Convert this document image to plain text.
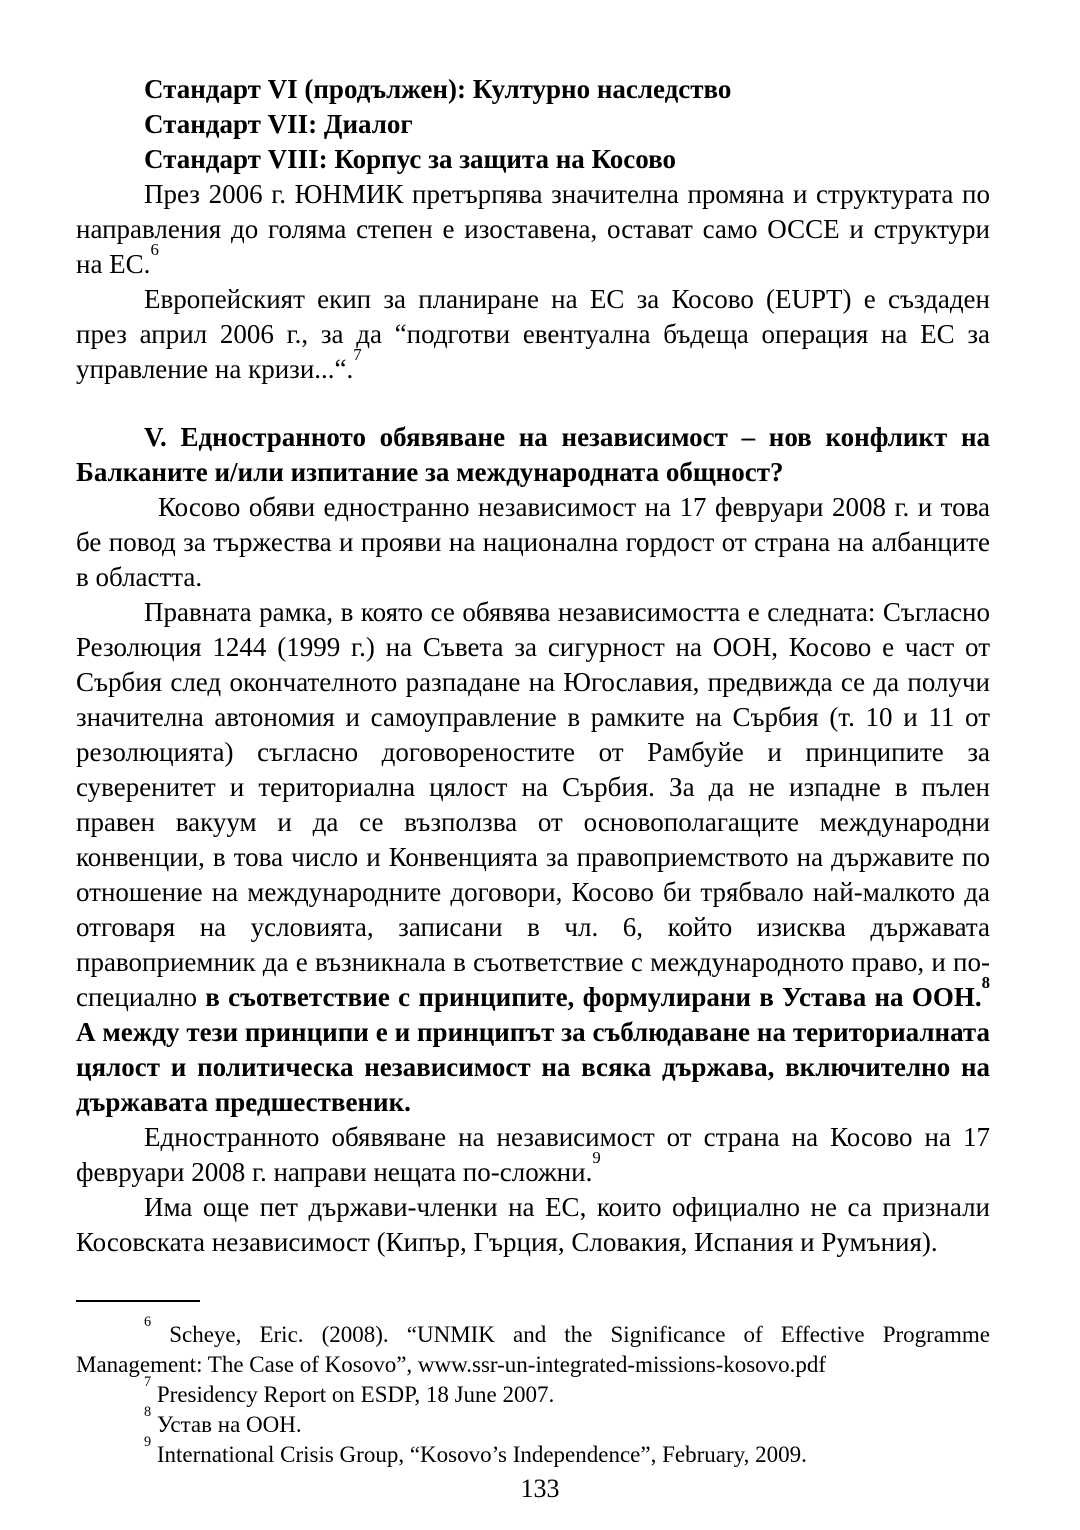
Стандарт VI (продължен): Културно наследство

Стандарт VII: Диалог

Стандарт VIII: Корпус за защита на Косово

През 2006 г. ЮНМИК претърпява значителна промяна и структурата по направления до голяма степен е изоставена, остават само ОССЕ и структури на ЕС.$^6$

Европейският екип за планиране на ЕС за Косово (EUPT) е създаден през април 2006 г., за да “подготви евентуална бъдеща операция на ЕС за управление на кризи...“.$^7$

V. Едностранното обявяване на независимост – нов конфликт на Балканите и/или изпитание за международната общност?

Косово обяви едностранно независимост на 17 февруари 2008 г. и това бе повод за тържества и прояви на национална гордост от страна на албанците в областта.

Правната рамка, в която се обявява независимостта е следната: Съгласно Резолюция 1244 (1999 г.) на Съвета за сигурност на ООН, Косово е част от Сърбия след окончателното разпадане на Югославия, предвижда се да получи значителна автономия и самоуправление в рамките на Сърбия (т. 10 и 11 от резолюцията) съгласно договореностите от Рамбуйе и принципите за суверенитет и териториална цялост на Сърбия. За да не изпадне в пълен правен вакуум и да се възползва от основополагащите международни конвенции, в това число и Конвенцията за правоприемството на държавите по отношение на международните договори, Косово би трябвало най-малкото да отговаря на условията, записани в чл. 6, който изисква държавата правоприемник да е възникнала в съответствие с международното право, и по-специално в съответствие с принципите, формулирани в Устава на ООН.$^8$ А между тези принципи е и принципът за съблюдаване на териториалната цялост и политическа независимост на всяка държава, включително на държавата предшественик.

Едностранното обявяване на независимост от страна на Косово на 17 февруари 2008 г. направи нещата по-сложни.$^9$

Има още пет държави-членки на ЕС, които официално не са признали Косовската независимост (Кипър, Гърция, Словакия, Испания и Румъния).

$^6$ Scheye, Eric. (2008). “UNMIK and the Significance of Effective Programme Management: The Case of Kosovo”, www.ssr-un-integrated-missions-kosovo.pdf

$^7$ Presidency Report on ESDP, 18 June 2007.

$^8$ Устав на ООН.

$^9$ International Crisis Group, “Kosovo’s Independence”, February, 2009.

133
